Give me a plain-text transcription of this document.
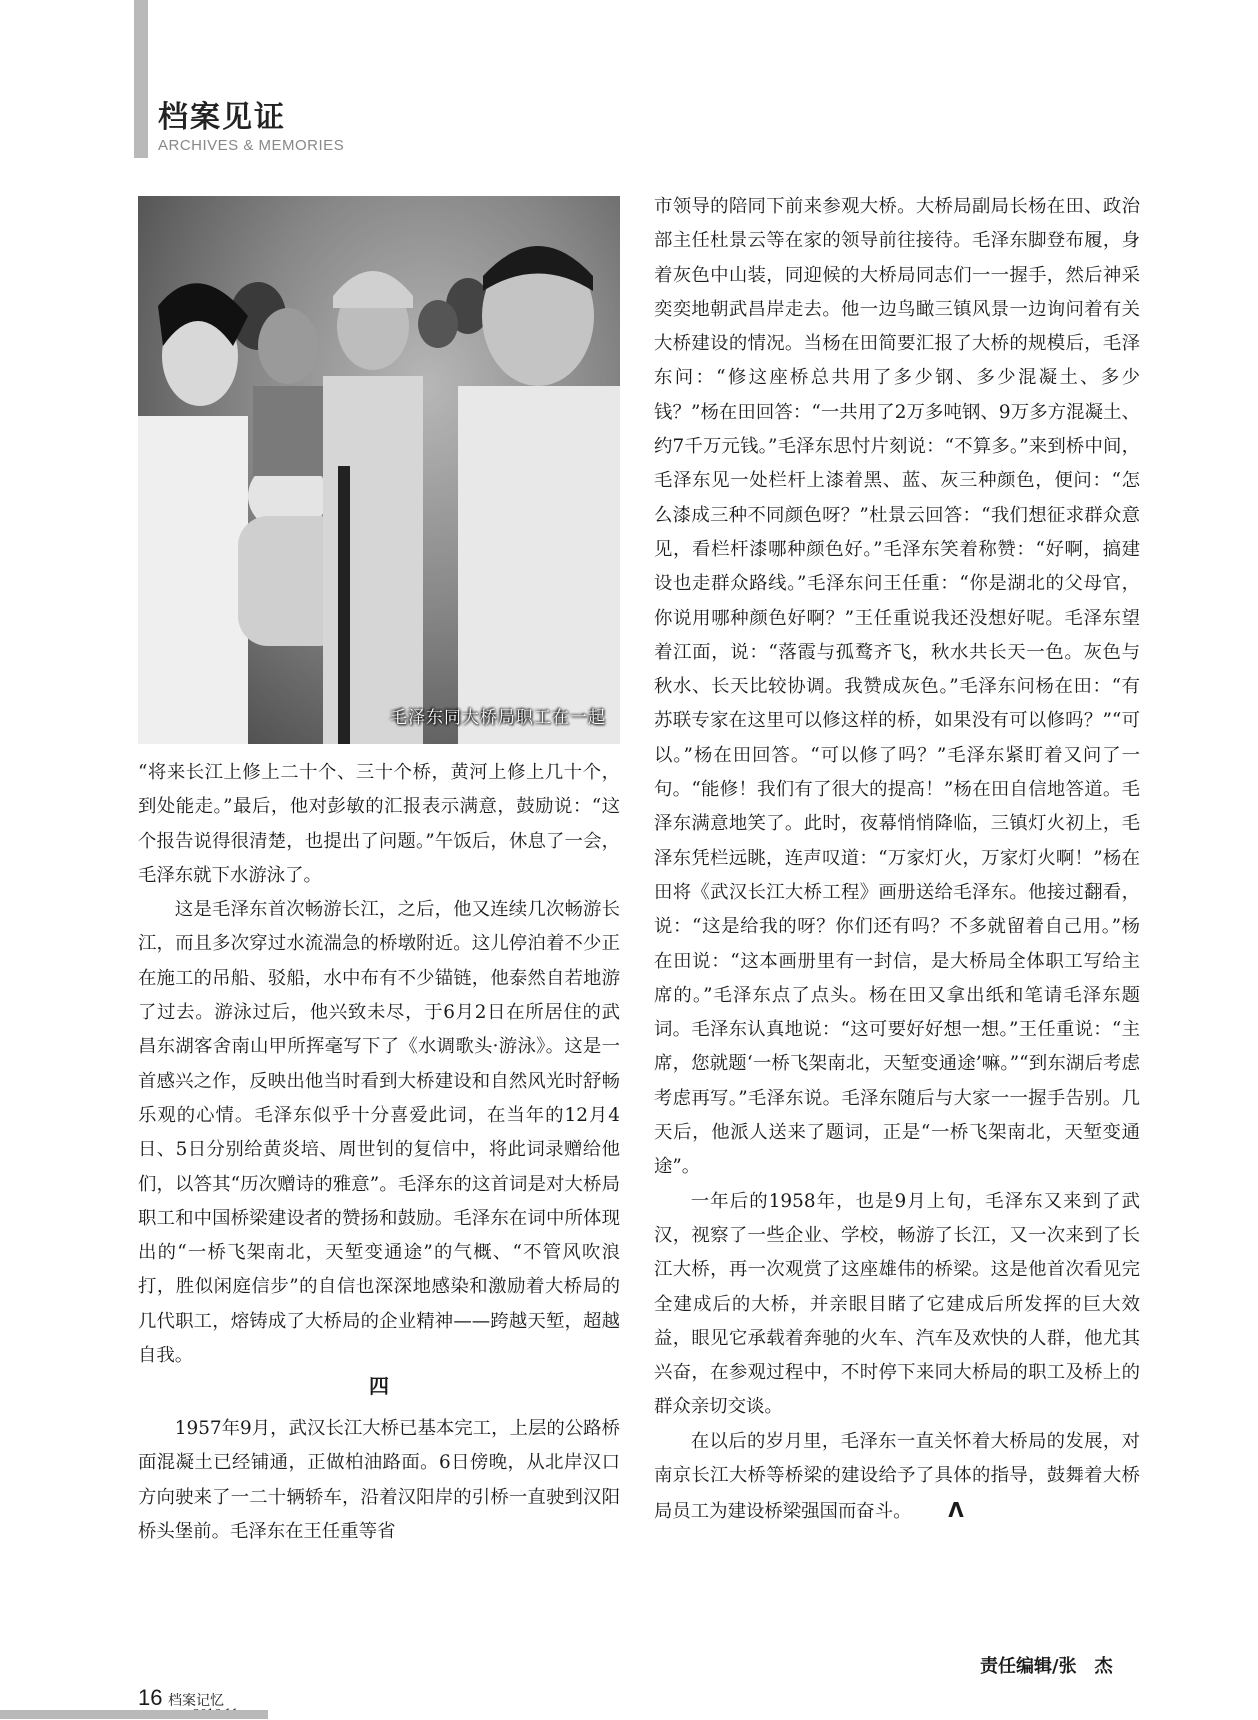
档案见证
ARCHIVES & MEMORIES
毛泽东同大桥局职工在一起

“将来长江上修上二十个、三十个桥，黄河上修上几十个，到处能走。”最后，他对彭敏的汇报表示满意，鼓励说：“这个报告说得很清楚，也提出了问题。”午饭后，休息了一会，毛泽东就下水游泳了。

这是毛泽东首次畅游长江，之后，他又连续几次畅游长江，而且多次穿过水流湍急的桥墩附近。这儿停泊着不少正在施工的吊船、驳船，水中布有不少锚链，他泰然自若地游了过去。游泳过后，他兴致未尽，于6月2日在所居住的武昌东湖客舍南山甲所挥毫写下了《水调歌头·游泳》。这是一首感兴之作，反映出他当时看到大桥建设和自然风光时舒畅乐观的心情。毛泽东似乎十分喜爱此词，在当年的12月4日、5日分别给黄炎培、周世钊的复信中，将此词录赠给他们，以答其“历次赠诗的雅意”。毛泽东的这首词是对大桥局职工和中国桥梁建设者的赞扬和鼓励。毛泽东在词中所体现出的“一桥飞架南北，天堑变通途”的气概、“不管风吹浪打，胜似闲庭信步”的自信也深深地感染和激励着大桥局的几代职工，熔铸成了大桥局的企业精神——跨越天堑，超越自我。

四

1957年9月，武汉长江大桥已基本完工，上层的公路桥面混凝土已经铺通，正做柏油路面。6日傍晚，从北岸汉口方向驶来了一二十辆轿车，沿着汉阳岸的引桥一直驶到汉阳桥头堡前。毛泽东在王任重等省

市领导的陪同下前来参观大桥。大桥局副局长杨在田、政治部主任杜景云等在家的领导前往接待。毛泽东脚登布履，身着灰色中山装，同迎候的大桥局同志们一一握手，然后神采奕奕地朝武昌岸走去。他一边鸟瞰三镇风景一边询问着有关大桥建设的情况。当杨在田简要汇报了大桥的规模后，毛泽东问：“修这座桥总共用了多少钢、多少混凝土、多少钱？”杨在田回答：“一共用了2万多吨钢、9万多方混凝土、约7千万元钱。”毛泽东思忖片刻说：“不算多。”来到桥中间，毛泽东见一处栏杆上漆着黑、蓝、灰三种颜色，便问：“怎么漆成三种不同颜色呀？”杜景云回答：“我们想征求群众意见，看栏杆漆哪种颜色好。”毛泽东笑着称赞：“好啊，搞建设也走群众路线。”毛泽东问王任重：“你是湖北的父母官，你说用哪种颜色好啊？”王任重说我还没想好呢。毛泽东望着江面，说：“落霞与孤鹜齐飞，秋水共长天一色。灰色与秋水、长天比较协调。我赞成灰色。”毛泽东问杨在田：“有苏联专家在这里可以修这样的桥，如果没有可以修吗？”“可以。”杨在田回答。“可以修了吗？”毛泽东紧盯着又问了一句。“能修！我们有了很大的提高！”杨在田自信地答道。毛泽东满意地笑了。此时，夜幕悄悄降临，三镇灯火初上，毛泽东凭栏远眺，连声叹道：“万家灯火，万家灯火啊！”杨在田将《武汉长江大桥工程》画册送给毛泽东。他接过翻看，说：“这是给我的呀？你们还有吗？不多就留着自己用。”杨在田说：“这本画册里有一封信，是大桥局全体职工写给主席的。”毛泽东点了点头。杨在田又拿出纸和笔请毛泽东题词。毛泽东认真地说：“这可要好好想一想。”王任重说：“主席，您就题‘一桥飞架南北，天堑变通途’嘛。”“到东湖后考虑考虑再写。”毛泽东说。毛泽东随后与大家一一握手告别。几天后，他派人送来了题词，正是“一桥飞架南北，天堑变通途”。

一年后的1958年，也是9月上旬，毛泽东又来到了武汉，视察了一些企业、学校，畅游了长江，又一次来到了长江大桥，再一次观赏了这座雄伟的桥梁。这是他首次看见完全建成后的大桥，并亲眼目睹了它建成后所发挥的巨大效益，眼见它承载着奔驰的火车、汽车及欢快的人群，他尤其兴奋，在参观过程中，不时停下来同大桥局的职工及桥上的群众亲切交谈。

在以后的岁月里，毛泽东一直关怀着大桥局的发展，对南京长江大桥等桥梁的建设给予了具体的指导，鼓舞着大桥局员工为建设桥梁强国而奋斗。 Λ

责任编辑/张　杰
16 档案记忆
